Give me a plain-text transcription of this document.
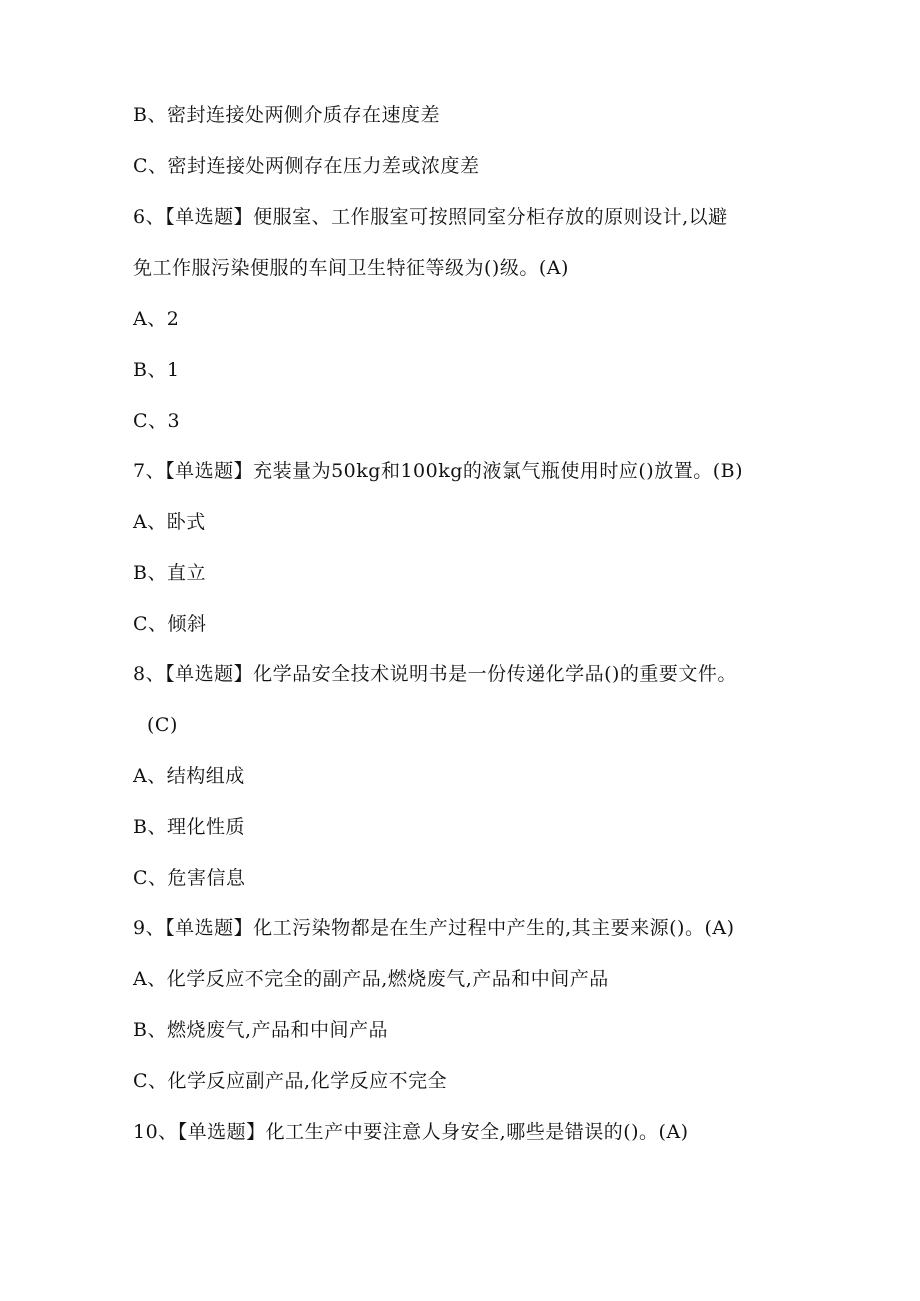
B、密封连接处两侧介质存在速度差
C、密封连接处两侧存在压力差或浓度差
6、【单选题】便服室、工作服室可按照同室分柜存放的原则设计,以避
免工作服污染便服的车间卫生特征等级为()级。(A)
A、2
B、1
C、3
7、【单选题】充装量为50kg和100kg的液氯气瓶使用时应()放置。(B)
A、卧式
B、直立
C、倾斜
8、【单选题】化学品安全技术说明书是一份传递化学品()的重要文件。
(C)
A、结构组成
B、理化性质
C、危害信息
9、【单选题】化工污染物都是在生产过程中产生的,其主要来源()。(A)
A、化学反应不完全的副产品,燃烧废气,产品和中间产品
B、燃烧废气,产品和中间产品
C、化学反应副产品,化学反应不完全
10、【单选题】化工生产中要注意人身安全,哪些是错误的()。(A)
